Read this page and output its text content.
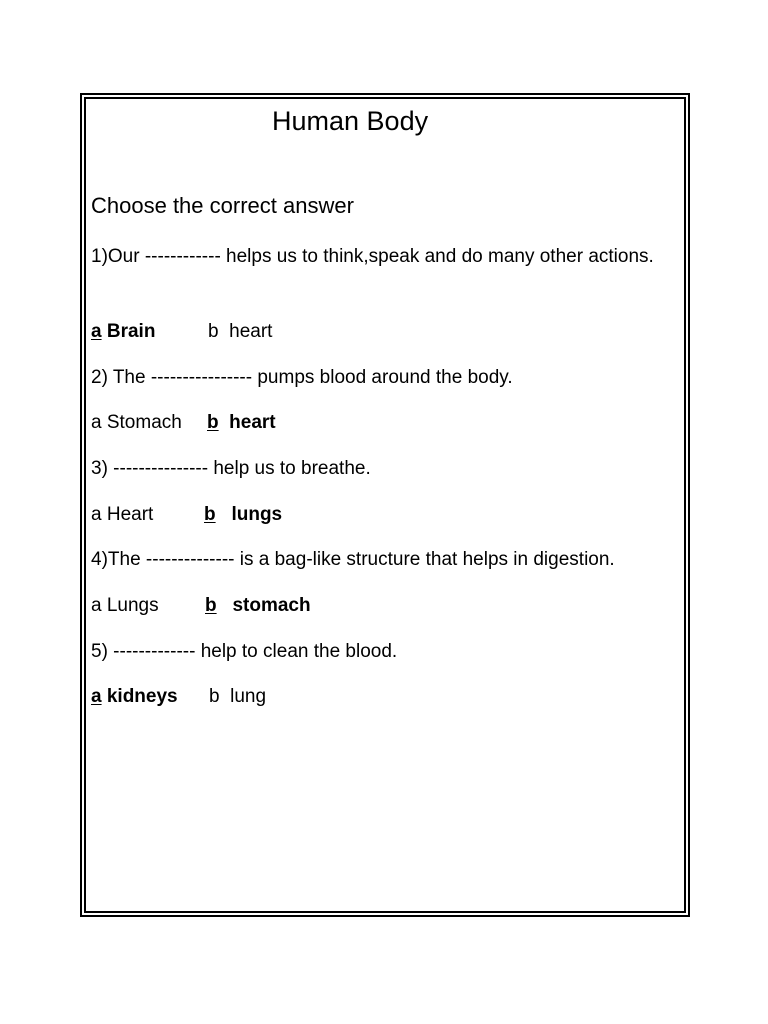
Human Body
Choose the correct answer
1)Our ------------ helps us to think,speak and do many other actions.
a Brain	b heart
2) The ---------------- pumps blood around the body.
a Stomach b heart
3) --------------- help us to breathe.
a Heart	b lungs
4)The -------------- is a bag-like structure that helps in digestion.
a Lungs b stomach
5) ------------- help to clean the blood.
a kidneys b lung
